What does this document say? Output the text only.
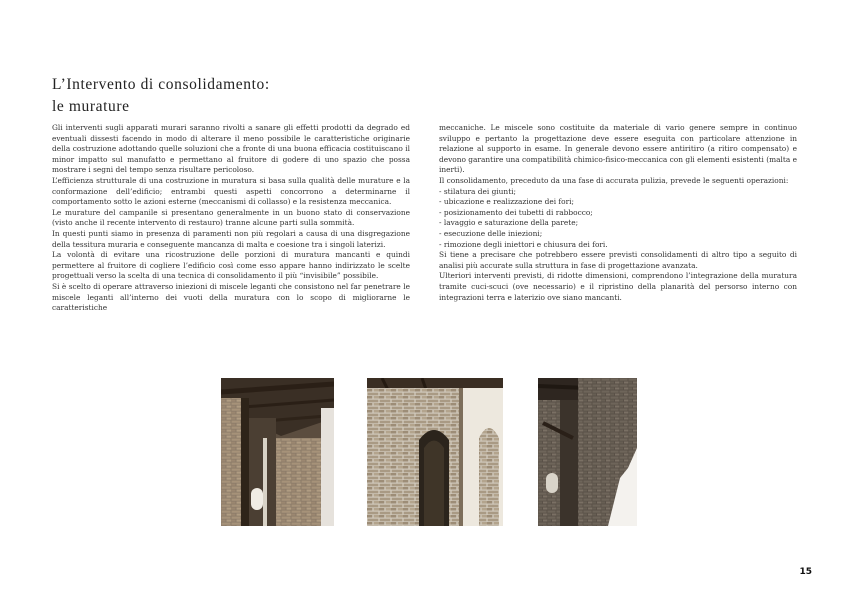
L’Intervento di consolidamento:
le murature

Gli interventi sugli apparati murari saranno rivolti a sanare gli effetti prodotti da degrado ed eventuali dissesti facendo in modo di alterare il meno possibile le caratteristiche originarie della costruzione adottando quelle soluzioni che a fronte di una buona efficacia costituiscano il minor impatto sul manufatto e permettano al fruitore di godere di uno spazio che possa mostrare i segni del tempo senza risultare pericoloso.

L’efficienza strutturale di una costruzione in muratura si basa sulla qualità delle murature e la conformazione dell’edificio; entrambi questi aspetti concorrono a determinarne il comportamento sotto le azioni esterne (meccanismi di collasso) e la resistenza meccanica.

Le murature del campanile si presentano generalmente in un buono stato di conservazione (visto anche il recente intervento di restauro) tranne alcune parti sulla sommità.

In questi punti siamo in presenza di paramenti non più regolari a causa di una disgregazione della tessitura muraria e conseguente mancanza di malta e coesione tra i singoli laterizi.

La volontà di evitare una ricostruzione delle porzioni di muratura mancanti e quindi permettere al fruitore di cogliere l’edificio così come esso appare hanno indirizzato le scelte progettuali verso la scelta di una tecnica di consolidamento il più “invisibile” possibile.

Si è scelto di operare attraverso iniezioni di miscele leganti che consistono nel far penetrare le miscele leganti all’interno dei vuoti della muratura con lo scopo di migliorarne le caratteristiche

meccaniche. Le miscele sono costituite da materiale di vario genere sempre in continuo sviluppo e pertanto la progettazione deve essere eseguita con particolare attenzione in relazione al supporto in esame. In generale devono essere antiritiro (a ritiro compensato) e devono garantire una compatibilità chimico-fisico-meccanica con gli elementi esistenti (malta e inerti).

Il consolidamento, preceduto da una fase di accurata pulizia, prevede le seguenti operazioni:

- stilatura dei giunti;

- ubicazione e realizzazione dei fori;

- posizionamento dei tubetti di rabbocco;

- lavaggio e saturazione della parete;

- esecuzione delle iniezioni;

- rimozione degli iniettori e chiusura dei fori.

Si tiene a precisare che potrebbero essere previsti consolidamenti di altro tipo a seguito di analisi più accurate sulla struttura in fase di progettazione avanzata.

Ulteriori interventi previsti, di ridotte dimensioni, comprendono l’integrazione della muratura tramite cuci-scuci (ove necessario) e il ripristino della planarità del persorso interno con integrazioni terra e laterizio ove siano mancanti.

15
